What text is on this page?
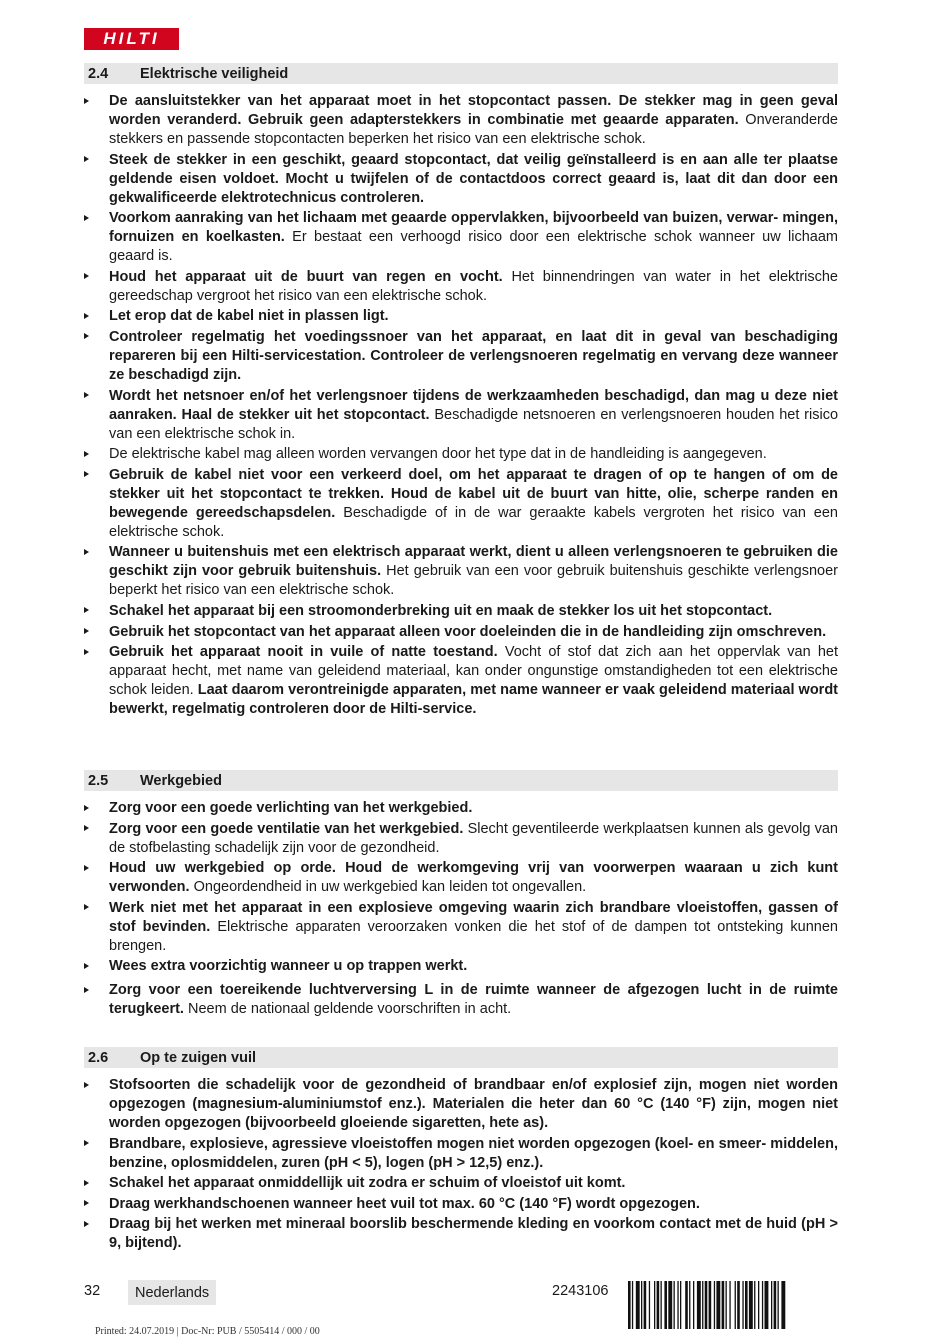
HILTI
2.4	Elektrische veiligheid
De aansluitstekker van het apparaat moet in het stopcontact passen. De stekker mag in geen geval worden veranderd. Gebruik geen adapterstekkers in combinatie met geaarde apparaten. Onveranderde stekkers en passende stopcontacten beperken het risico van een elektrische schok.
Steek de stekker in een geschikt, geaard stopcontact, dat veilig geïnstalleerd is en aan alle ter plaatse geldende eisen voldoet. Mocht u twijfelen of de contactdoos correct geaard is, laat dit dan door een gekwalificeerde elektrotechnicus controleren.
Voorkom aanraking van het lichaam met geaarde oppervlakken, bijvoorbeeld van buizen, verwar- mingen, fornuizen en koelkasten. Er bestaat een verhoogd risico door een elektrische schok wanneer uw lichaam geaard is.
Houd het apparaat uit de buurt van regen en vocht. Het binnendringen van water in het elektrische gereedschap vergroot het risico van een elektrische schok.
Let erop dat de kabel niet in plassen ligt.
Controleer regelmatig het voedingssnoer van het apparaat, en laat dit in geval van beschadiging repareren bij een Hilti-servicestation. Controleer de verlengsnoeren regelmatig en vervang deze wanneer ze beschadigd zijn.
Wordt het netsnoer en/of het verlengsnoer tijdens de werkzaamheden beschadigd, dan mag u deze niet aanraken. Haal de stekker uit het stopcontact. Beschadigde netsnoeren en verlengsnoeren houden het risico van een elektrische schok in.
De elektrische kabel mag alleen worden vervangen door het type dat in de handleiding is aangegeven.
Gebruik de kabel niet voor een verkeerd doel, om het apparaat te dragen of op te hangen of om de stekker uit het stopcontact te trekken. Houd de kabel uit de buurt van hitte, olie, scherpe randen en bewegende gereedschapsdelen. Beschadigde of in de war geraakte kabels vergroten het risico van een elektrische schok.
Wanneer u buitenshuis met een elektrisch apparaat werkt, dient u alleen verlengsnoeren te gebruiken die geschikt zijn voor gebruik buitenshuis. Het gebruik van een voor gebruik buitenshuis geschikte verlengsnoer beperkt het risico van een elektrische schok.
Schakel het apparaat bij een stroomonderbreking uit en maak de stekker los uit het stopcontact.
Gebruik het stopcontact van het apparaat alleen voor doeleinden die in de handleiding zijn omschreven.
Gebruik het apparaat nooit in vuile of natte toestand. Vocht of stof dat zich aan het oppervlak van het apparaat hecht, met name van geleidend materiaal, kan onder ongunstige omstandigheden tot een elektrische schok leiden. Laat daarom verontreinigde apparaten, met name wanneer er vaak geleidend materiaal wordt bewerkt, regelmatig controleren door de Hilti-service.
2.5	Werkgebied
Zorg voor een goede verlichting van het werkgebied.
Zorg voor een goede ventilatie van het werkgebied. Slecht geventileerde werkplaatsen kunnen als gevolg van de stofbelasting schadelijk zijn voor de gezondheid.
Houd uw werkgebied op orde. Houd de werkomgeving vrij van voorwerpen waaraan u zich kunt verwonden. Ongeordendheid in uw werkgebied kan leiden tot ongevallen.
Werk niet met het apparaat in een explosieve omgeving waarin zich brandbare vloeistoffen, gassen of stof bevinden. Elektrische apparaten veroorzaken vonken die het stof of de dampen tot ontsteking kunnen brengen.
Wees extra voorzichtig wanneer u op trappen werkt.
Zorg voor een toereikende luchtverversing L in de ruimte wanneer de afgezogen lucht in de ruimte terugkeert. Neem de nationaal geldende voorschriften in acht.
2.6	Op te zuigen vuil
Stofsoorten die schadelijk voor de gezondheid of brandbaar en/of explosief zijn, mogen niet worden opgezogen (magnesium-aluminiumstof enz.). Materialen die heter dan 60 °C (140 °F) zijn, mogen niet worden opgezogen (bijvoorbeeld gloeiende sigaretten, hete as).
Brandbare, explosieve, agressieve vloeistoffen mogen niet worden opgezogen (koel- en smeer- middelen, benzine, oplosmiddelen, zuren (pH < 5), logen (pH > 12,5) enz.).
Schakel het apparaat onmiddellijk uit zodra er schuim of vloeistof uit komt.
Draag werkhandschoenen wanneer heet vuil tot max. 60 °C (140 °F) wordt opgezogen.
Draag bij het werken met mineraal boorslib beschermende kleding en voorkom contact met de huid (pH > 9, bijtend).
32	Nederlands	2243106
Printed: 24.07.2019 | Doc-Nr: PUB / 5505414 / 000 / 00
